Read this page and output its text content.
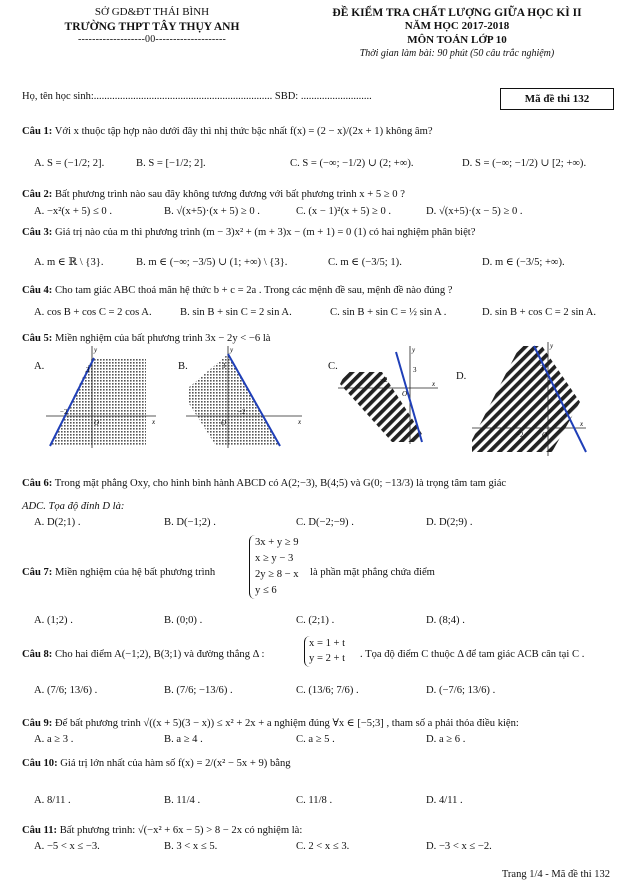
SỞ GD&ĐT THÁI BÌNH
TRƯỜNG THPT TÂY THỤY ANH
-------------------00--------------------
ĐỀ KIỂM TRA CHẤT LƯỢNG GIỮA HỌC KÌ II
NĂM HỌC 2017-2018
MÔN TOÁN LỚP 10
Thời gian làm bài: 90 phút (50 câu trắc nghiệm)
Họ, tên học sinh:.................................................................... SBD: ...........................	Mã đề thi 132
Câu 1: Với x thuộc tập hợp nào dưới đây thì nhị thức bậc nhất f(x) = (2 − x)/(2x + 1) không âm?
A. S = (−1/2; 2].	B. S = [−1/2; 2].	C. S = (−∞; −1/2) ∪ (2; +∞).	D. S = (−∞; −1/2) ∪ [2; +∞).
Câu 2: Bất phương trình nào sau đây không tương đương với bất phương trình x + 5 ≥ 0 ?
A. −x²(x + 5) ≤ 0 .	B. √(x+5)·(x + 5) ≥ 0 .	C. (x − 1)²(x + 5) ≥ 0 .	D. √(x+5)·(x − 5) ≥ 0 .
Câu 3: Giá trị nào của m thì phương trình (m − 3)x² + (m + 3)x − (m + 1) = 0 (1) có hai nghiệm phân biệt?
A. m ∈ ℝ \ {3}.	B. m ∈ (−∞; −3/5) ∪ (1; +∞) \ {3}.	C. m ∈ (−3/5; 1).	D. m ∈ (−3/5; +∞).
Câu 4: Cho tam giác ABC thoả mãn hệ thức b + c = 2a . Trong các mệnh đề sau, mệnh đề nào đúng ?
A. cos B + cos C = 2 cos A.	B. sin B + sin C = 2 sin A.	C. sin B + sin C = ½ sin A .	D. sin B + cos C = 2 sin A.
Câu 5: Miền nghiệm của bất phương trình 3x − 2y < −6 là
A.	B.	C.
D.
y
x
3
−2
O
y
x
3
−2
O
y
x
3
−2
O
y
x
3
−2	O
Câu 6: Trong mặt phẳng Oxy, cho hình bình hành ABCD có A(2;−3), B(4;5) và G(0; −13/3) là trọng tâm tam giác
ADC. Tọa độ đỉnh D là:
A. D(2;1) .	B. D(−1;2) .	C. D(−2;−9) .	D. D(2;9) .
Câu 7: Miền nghiệm của hệ bất phương trình
3x + y ≥ 9
x ≥ y − 3
2y ≥ 8 − x
y ≤ 6
là phần mặt phẳng chứa điểm
A. (1;2) .	B. (0;0) .	C. (2;1) .	D. (8;4) .
Câu 8: Cho hai điểm A(−1;2), B(3;1) và đường thẳng Δ :
x = 1 + t
y = 2 + t . Tọa độ điểm C thuộc Δ để tam giác ACB cân tại C .
A. (7/6; 13/6) .	B. (7/6; −13/6) .	C. (13/6; 7/6) .	D. (−7/6; 13/6) .
Câu 9: Để bất phương trình √((x + 5)(3 − x)) ≤ x² + 2x + a nghiệm đúng ∀x ∈ [−5;3] , tham số a phải thỏa điều kiện:
A. a ≥ 3 .	B. a ≥ 4 .	C. a ≥ 5 .	D. a ≥ 6 .
Câu 10: Giá trị lớn nhất của hàm số f(x) = 2/(x² − 5x + 9) bằng
A. 8/11 .	B. 11/4 .	C. 11/8 .	D. 4/11 .
Câu 11: Bất phương trình: √(−x² + 6x − 5) > 8 − 2x có nghiệm là:
A. −5 < x ≤ −3.	B. 3 < x ≤ 5.	C. 2 < x ≤ 3.	D. −3 < x ≤ −2.
Trang 1/4 - Mã đề thi 132
